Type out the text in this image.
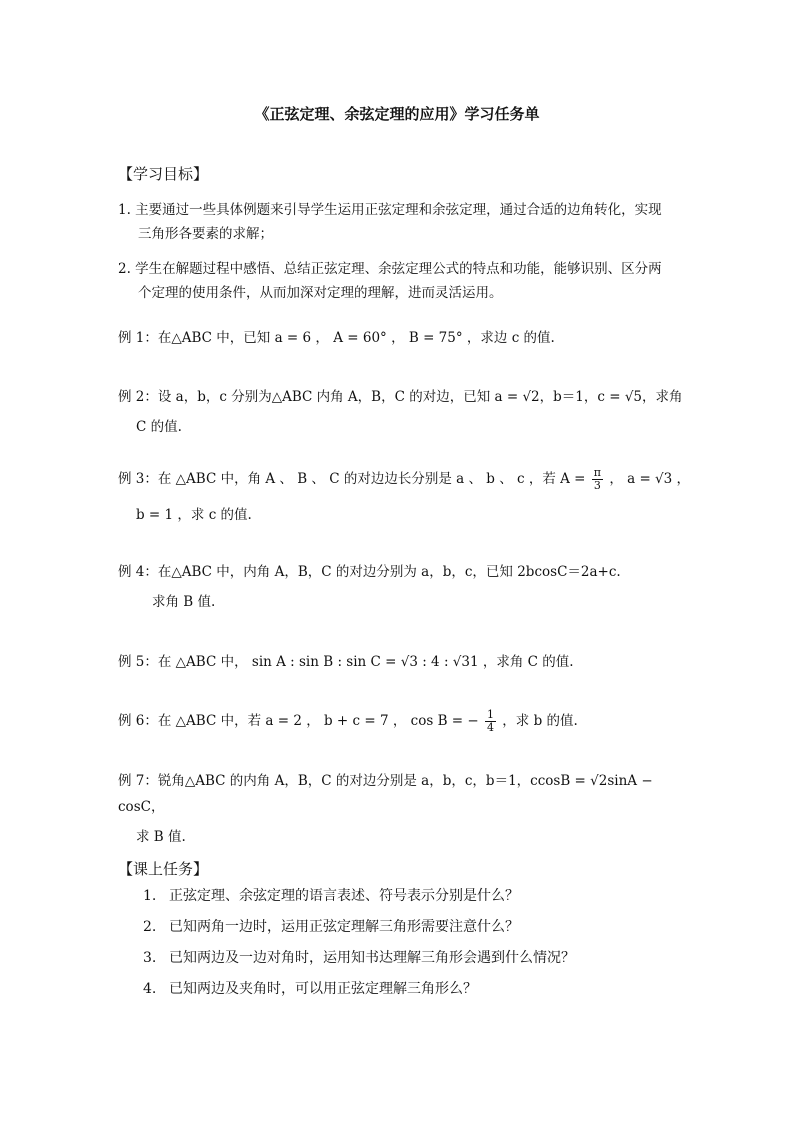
《正弦定理、余弦定理的应用》学习任务单
【学习目标】
1. 主要通过一些具体例题来引导学生运用正弦定理和余弦定理，通过合适的边角转化，实现
三角形各要素的求解；
2. 学生在解题过程中感悟、总结正弦定理、余弦定理公式的特点和功能，能够识别、区分两
个定理的使用条件，从而加深对定理的理解，进而灵活运用。
例 1：在△ABC 中，已知 a = 6 ， A = 60° ， B = 75° ，求边 c 的值.
例 2：设 a，b，c 分别为△ABC 内角 A，B，C 的对边，已知 a = √2，b＝1，c = √5，求角
C 的值.
例 3：在 △ABC 中，角 A 、 B 、 C 的对边边长分别是 a 、 b 、 c ，若 $A = \frac{\pi}{3}$ ， a = √3 ，
b = 1 ，求 c 的值.
例 4：在△ABC 中，内角 A，B，C 的对边分别为 a，b，c，已知 2bcosC＝2a+c.
求角 B 值.
例 5：在 △ABC 中， sin A : sin B : sin C = √3 : 4 : √31 ，求角 C 的值.
例 6：在 △ABC 中，若 a = 2 ， b + c = 7 ， cos B = − $\frac{1}{4}$ ，求 b 的值.
例 7：锐角△ABC 的内角 A，B，C 的对边分别是 a，b，c，b＝1，ccosB = √2sinA − cosC，
求 B 值.
【课上任务】
1. 正弦定理、余弦定理的语言表述、符号表示分别是什么？
2. 已知两角一边时，运用正弦定理解三角形需要注意什么？
3. 已知两边及一边对角时，运用知书达理解三角形会遇到什么情况？
4. 已知两边及夹角时，可以用正弦定理解三角形么？
